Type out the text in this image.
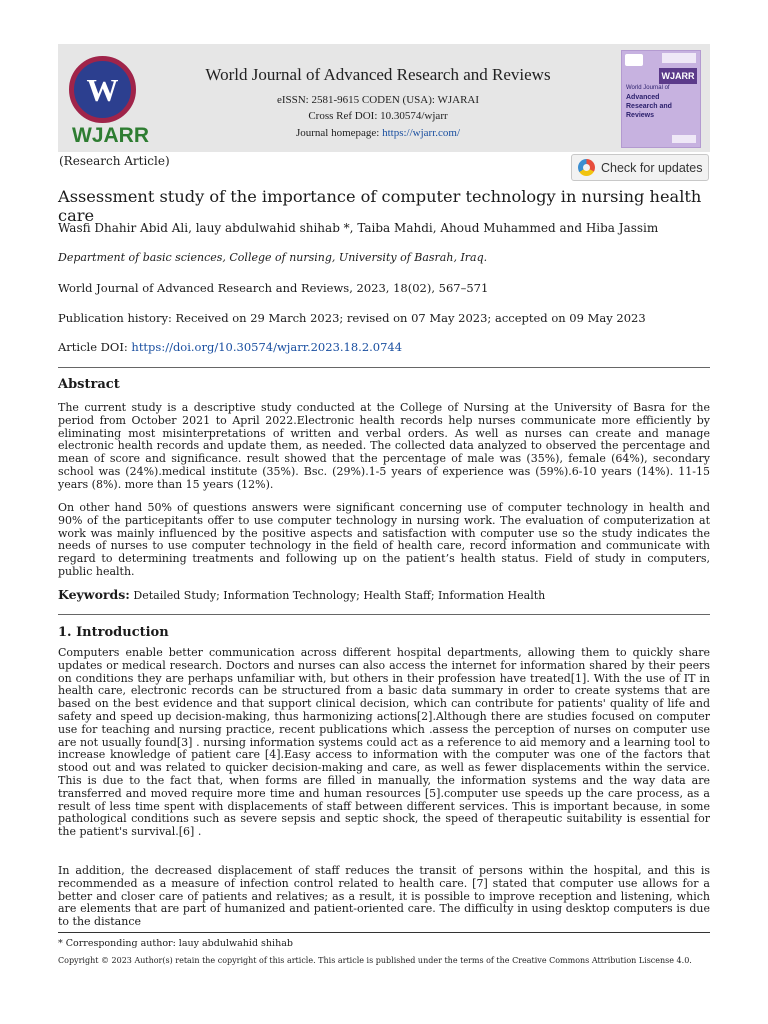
W
WJARR
World Journal of Advanced Research and Reviews
eISSN: 2581-9615 CODEN (USA): WJARAI
Cross Ref DOI: 10.30574/wjarr
Journal homepage: https://wjarr.com/
WJARR
World Journal of
Advanced
Research and
Reviews
(Research Article)	Check for updates
Assessment study of the importance of computer technology in nursing health care
Wasfi Dhahir Abid Ali, lauy abdulwahid shihab *, Taiba Mahdi, Ahoud Muhammed and Hiba Jassim
Department of basic sciences, College of nursing, University of Basrah, Iraq.
World Journal of Advanced Research and Reviews, 2023, 18(02), 567–571
Publication history: Received on 29 March 2023; revised on 07 May 2023; accepted on 09 May 2023
Article DOI: https://doi.org/10.30574/wjarr.2023.18.2.0744
Abstract
The current study is a descriptive study conducted at the College of Nursing at the University of Basra for the period from October 2021 to April 2022.Electronic health records help nurses communicate more efficiently by eliminating most misinterpretations of written and verbal orders. As well as nurses can create and manage electronic health records and update them, as needed. The collected data analyzed to observed the percentage and mean of score and significance. result showed that the percentage of male was (35%), female (64%), secondary school was (24%).medical institute (35%). Bsc. (29%).1-5 years of experience was (59%).6-10 years (14%). 11-15 years (8%). more than 15 years (12%).
On other hand 50% of questions answers were significant concerning use of computer technology in health and 90% of the particepitants offer to use computer technology in nursing work. The evaluation of computerization at work was mainly influenced by the positive aspects and satisfaction with computer use so the study indicates the needs of nurses to use computer technology in the field of health care, record information and communicate with regard to determining treatments and following up on the patient’s health status. Field of study in computers, public health.
Keywords: Detailed Study; Information Technology; Health Staff; Information Health
1. Introduction
Computers enable better communication across different hospital departments, allowing them to quickly share updates or medical research. Doctors and nurses can also access the internet for information shared by their peers on conditions they are perhaps unfamiliar with, but others in their profession have treated[1]. With the use of IT in health care, electronic records can be structured from a basic data summary in order to create systems that are based on the best evidence and that support clinical decision, which can contribute for patients' quality of life and safety and speed up decision-making, thus harmonizing actions[2].Although there are studies focused on computer use for teaching and nursing practice, recent publications which .assess the perception of nurses on computer use are not usually found[3] . nursing information systems could act as a reference to aid memory and a learning tool to increase knowledge of patient care [4].Easy access to information with the computer was one of the factors that stood out and was related to quicker decision-making and care, as well as fewer displacements within the service. This is due to the fact that, when forms are filled in manually, the information systems and the way data are transferred and moved require more time and human resources [5].computer use speeds up the care process, as a result of less time spent with displacements of staff between different services. This is important because, in some pathological conditions such as severe sepsis and septic shock, the speed of therapeutic suitability is essential for the patient's survival.[6] .
In addition, the decreased displacement of staff reduces the transit of persons within the hospital, and this is recommended as a measure of infection control related to health care. [7] stated that computer use allows for a better and closer care of patients and relatives; as a result, it is possible to improve reception and listening, which are elements that are part of humanized and patient-oriented care. The difficulty in using desktop computers is due to the distance
* Corresponding author: lauy abdulwahid shihab
Copyright © 2023 Author(s) retain the copyright of this article. This article is published under the terms of the Creative Commons Attribution Liscense 4.0.
